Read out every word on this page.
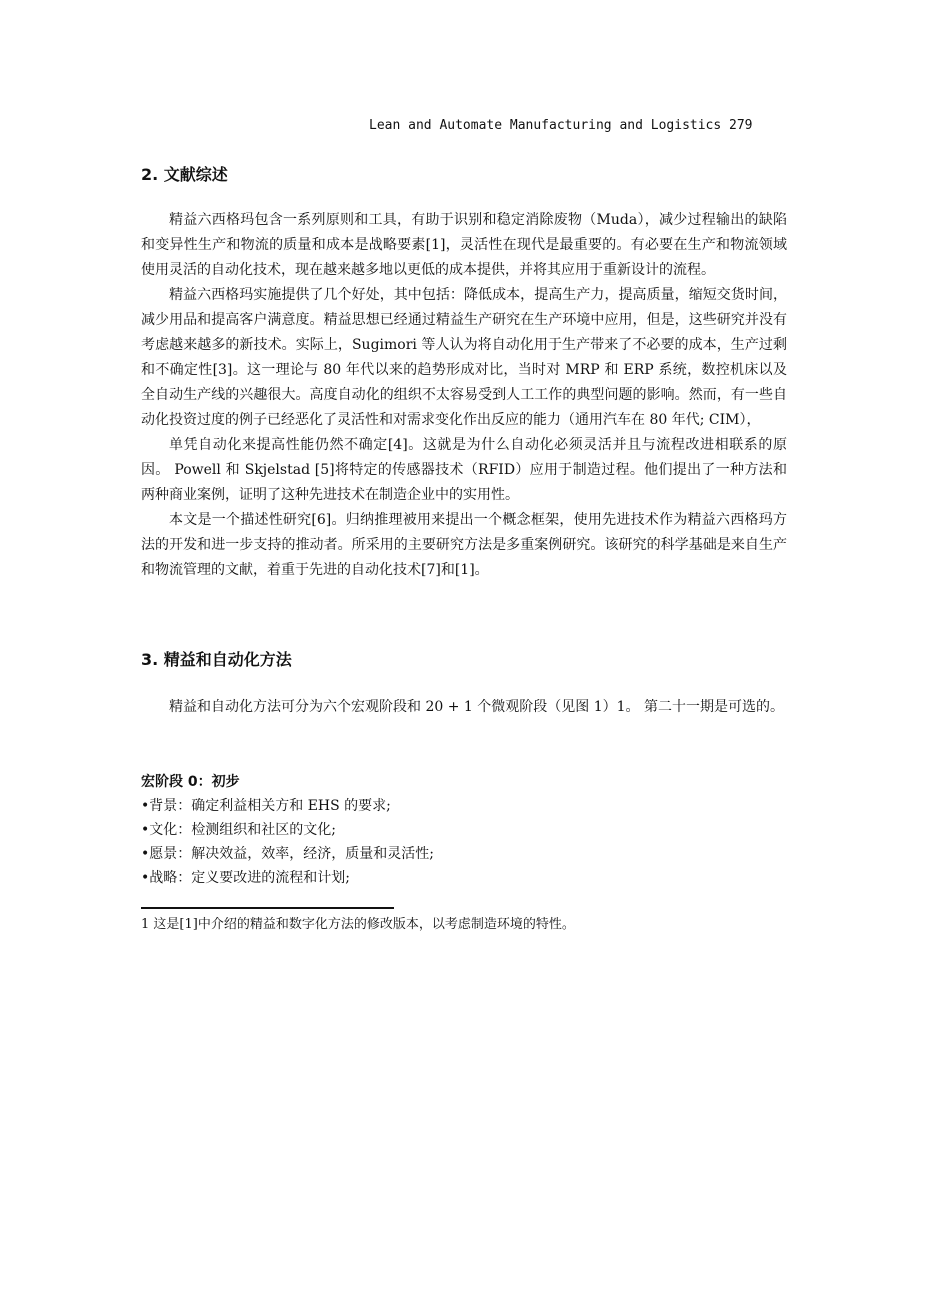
Lean and Automate Manufacturing and Logistics 279
2. 文献综述

精益六西格玛包含一系列原则和工具，有助于识别和稳定消除废物（Muda），减少过程输出的缺陷和变异性生产和物流的质量和成本是战略要素[1]，灵活性在现代是最重要的。有必要在生产和物流领域使用灵活的自动化技术，现在越来越多地以更低的成本提供，并将其应用于重新设计的流程。

精益六西格玛实施提供了几个好处，其中包括：降低成本，提高生产力，提高质量，缩短交货时间，减少用品和提高客户满意度。精益思想已经通过精益生产研究在生产环境中应用，但是，这些研究并没有考虑越来越多的新技术。实际上，Sugimori 等人认为将自动化用于生产带来了不必要的成本，生产过剩和不确定性[3]。这一理论与 80 年代以来的趋势形成对比，当时对 MRP 和 ERP 系统，数控机床以及全自动生产线的兴趣很大。高度自动化的组织不太容易受到人工工作的典型问题的影响。然而，有一些自动化投资过度的例子已经恶化了灵活性和对需求变化作出反应的能力（通用汽车在 80 年代; CIM），

单凭自动化来提高性能仍然不确定[4]。这就是为什么自动化必须灵活并且与流程改进相联系的原因。 Powell 和 Skjelstad [5]将特定的传感器技术（RFID）应用于制造过程。他们提出了一种方法和两种商业案例，证明了这种先进技术在制造企业中的实用性。

本文是一个描述性研究[6]。归纳推理被用来提出一个概念框架，使用先进技术作为精益六西格玛方法的开发和进一步支持的推动者。所采用的主要研究方法是多重案例研究。该研究的科学基础是来自生产和物流管理的文献，着重于先进的自动化技术[7]和[1]。

3. 精益和自动化方法

精益和自动化方法可分为六个宏观阶段和 20 + 1 个微观阶段（见图 1）1。 第二十一期是可选的。

宏阶段 0：初步
•背景：确定利益相关方和 EHS 的要求;
•文化：检测组织和社区的文化;
•愿景：解决效益，效率，经济，质量和灵活性;
•战略：定义要改进的流程和计划;
1 这是[1]中介绍的精益和数字化方法的修改版本，以考虑制造环境的特性。
